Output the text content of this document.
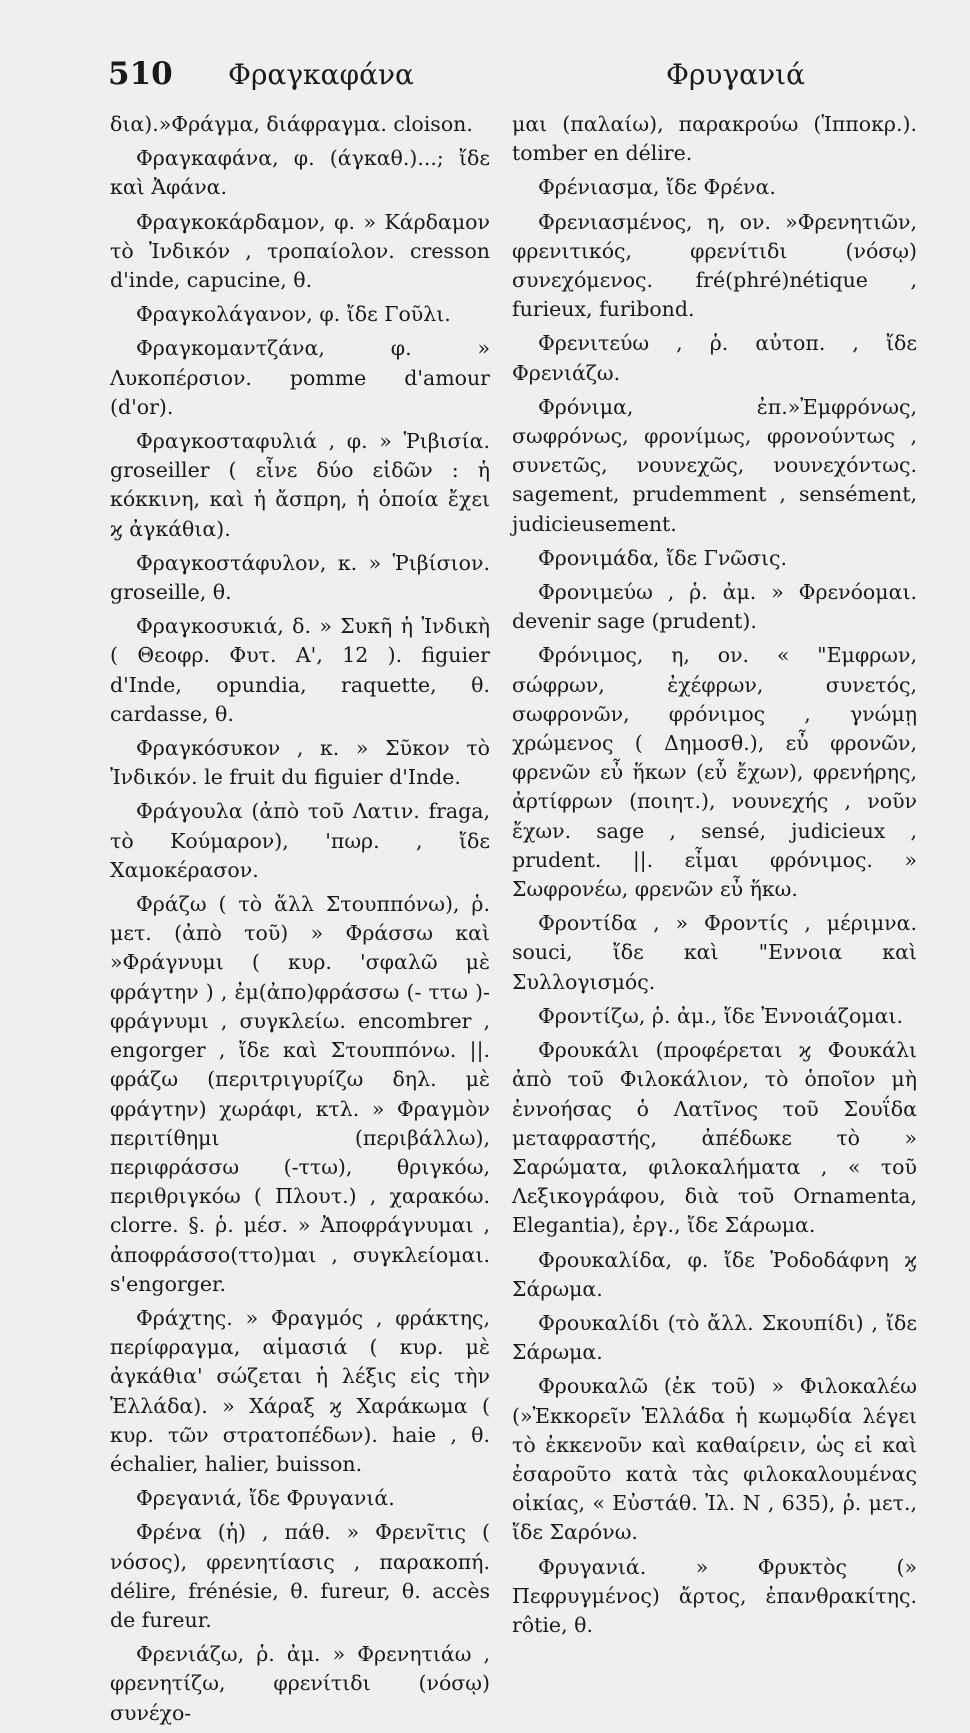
510 Φραγκαφάνα	Φρυγανιά

δια).»Φράγμα, διάφραγμα. cloison.

Φραγκαφάνα, φ. (άγκαθ.)...; ἴδε καὶ Ἀφάνα.

Φραγκοκάρδαμον, φ. » Κάρδαμον τὸ Ἰνδικόν , τροπαίολον. cresson d'inde, capucine, θ.

Φραγκολάγανον, φ. ἴδε Γοῦλι.

Φραγκομαντζάνα, φ. » Λυκοπέρσιον. pomme d'amour (d'or).

Φραγκοσταφυλιά , φ. » Ῥιβισία. groseiller ( εἶνε δύο εἰδῶν : ἡ κόκκινη, καὶ ἡ ἄσπρη, ἡ ὁποία ἔχει ϗ ἀγκάθια).

Φραγκοστάφυλον, κ. » Ῥιβίσιον. groseille, θ.

Φραγκοσυκιά, δ. » Συκῆ ἡ Ἰνδικὴ ( Θεοφρ. Φυτ. Α', 12 ). figuier d'Inde, opundia, raquette, θ. cardasse, θ.

Φραγκόσυκον , κ. » Σῦκον τὸ Ἰνδικόν. le fruit du figuier d'Inde.

Φράγουλα (ἀπὸ τοῦ Λατιν. fraga, τὸ Κούμαρον), 'πωρ. , ἴδε Χαμοκέρασον.

Φράζω ( τὸ ἄλλ Στουππόνω), ῥ. μετ. (ἀπὸ τοῦ) » Φράσσω καὶ »Φράγνυμι ( κυρ. 'σφαλῶ μὲ φράγτην ) , ἐμ(ἀπο)φράσσω (- ττω )-φράγνυμι , συγκλείω. encombrer , engorger , ἴδε καὶ Στουππόνω. ||. φράζω (περιτριγυρίζω δηλ. μὲ φράγτην) χωράφι, κτλ. » Φραγμὸν περιτίθημι (περιβάλλω), περιφράσσω (-ττω), θριγκόω, περιθριγκόω ( Πλουτ.) , χαρακόω. clorre. §. ῥ. μέσ. » Ἀποφράγνυμαι , ἀποφράσσο(ττο)μαι , συγκλείομαι. s'engorger.

Φράχτης. » Φραγμός , φράκτης, περίφραγμα, αἱμασιά ( κυρ. μὲ ἀγκάθια' σώζεται ἡ λέξις εἰς τὴν Ἑλλάδα). » Χάραξ ϗ Χαράκωμα ( κυρ. τῶν στρατοπέδων). haie , θ. échalier, halier, buisson.

Φρεγανιά, ἴδε Φρυγανιά.

Φρένα (ἡ) , πάθ. » Φρενῖτις ( νόσος), φρενητίασις , παρακοπή. délire, frénésie, θ. fureur, θ. accès de fureur.

Φρενιάζω, ῥ. ἀμ. » Φρενητιάω , φρενητίζω, φρενίτιδι (νόσῳ) συνέχο-

μαι (παλαίω), παρακρούω (Ἱπποκρ.). tomber en délire.

Φρένιασμα, ἴδε Φρένα.

Φρενιασμένος, η, ον. »Φρενητιῶν, φρενιτικός, φρενίτιδι (νόσῳ) συνεχόμενος. fré(phré)nétique , furieux, furibond.

Φρενιτεύω , ῥ. αὐτοπ. , ἴδε Φρενιάζω.

Φρόνιμα, ἐπ.»Ἐμφρόνως, σωφρόνως, φρονίμως, φρονούντως , συνετῶς, νουνεχῶς, νουνεχόντως. sagement, prudemment , sensément, judicieusement.

Φρονιμάδα, ἴδε Γνῶσις.

Φρονιμεύω , ῥ. ἀμ. » Φρενόομαι. devenir sage (prudent).

Φρόνιμος, η, ον. « "Εμφρων, σώφρων, ἐχέφρων, συνετός, σωφρονῶν, φρόνιμος , γνώμῃ χρώμενος ( Δημοσθ.), εὖ φρονῶν, φρενῶν εὖ ἥκων (εὖ ἔχων), φρενήρης, ἀρτίφρων (ποιητ.), νουνεχής , νοῦν ἔχων. sage , sensé, judicieux , prudent. ||. εἶμαι φρόνιμος. » Σωφρονέω, φρενῶν εὖ ἥκω.

Φροντίδα , » Φροντίς , μέριμνα. souci, ἴδε καὶ "Εννοια καὶ Συλλογισμός.

Φροντίζω, ῥ. ἀμ., ἴδε Ἐννοιάζομαι.

Φρουκάλι (προφέρεται ϗ Φουκάλι ἀπὸ τοῦ Φιλοκάλιον, τὸ ὁποῖον μὴ ἐννοήσας ὁ Λατῖνος τοῦ Σουΐδα μεταφραστής, ἀπέδωκε τὸ » Σαρώματα, φιλοκαλήματα , « τοῦ Λεξικογράφου, διὰ τοῦ Ornamenta, Elegantia), ἐργ., ἴδε Σάρωμα.

Φρουκαλίδα, φ. ἴδε Ῥοδοδάφνη ϗ Σάρωμα.

Φρουκαλίδι (τὸ ἄλλ. Σκουπίδι) , ἴδε Σάρωμα.

Φρουκαλῶ (ἐκ τοῦ) » Φιλοκαλέω (»Ἐκκορεῖν Ἑλλάδα ἡ κωμῳδία λέγει τὸ ἐκκενοῦν καὶ καθαίρειν, ὡς εἰ καὶ ἐσαροῦτο κατὰ τὰς φιλοκαλουμένας οἰκίας, « Εὐστάθ. Ἰλ. Ν , 635), ῥ. μετ., ἴδε Σαρόνω.

Φρυγανιά. » Φρυκτὸς (» Πεφρυγμένος) ἄρτος, ἐπανθρακίτης. rôtie, θ.
